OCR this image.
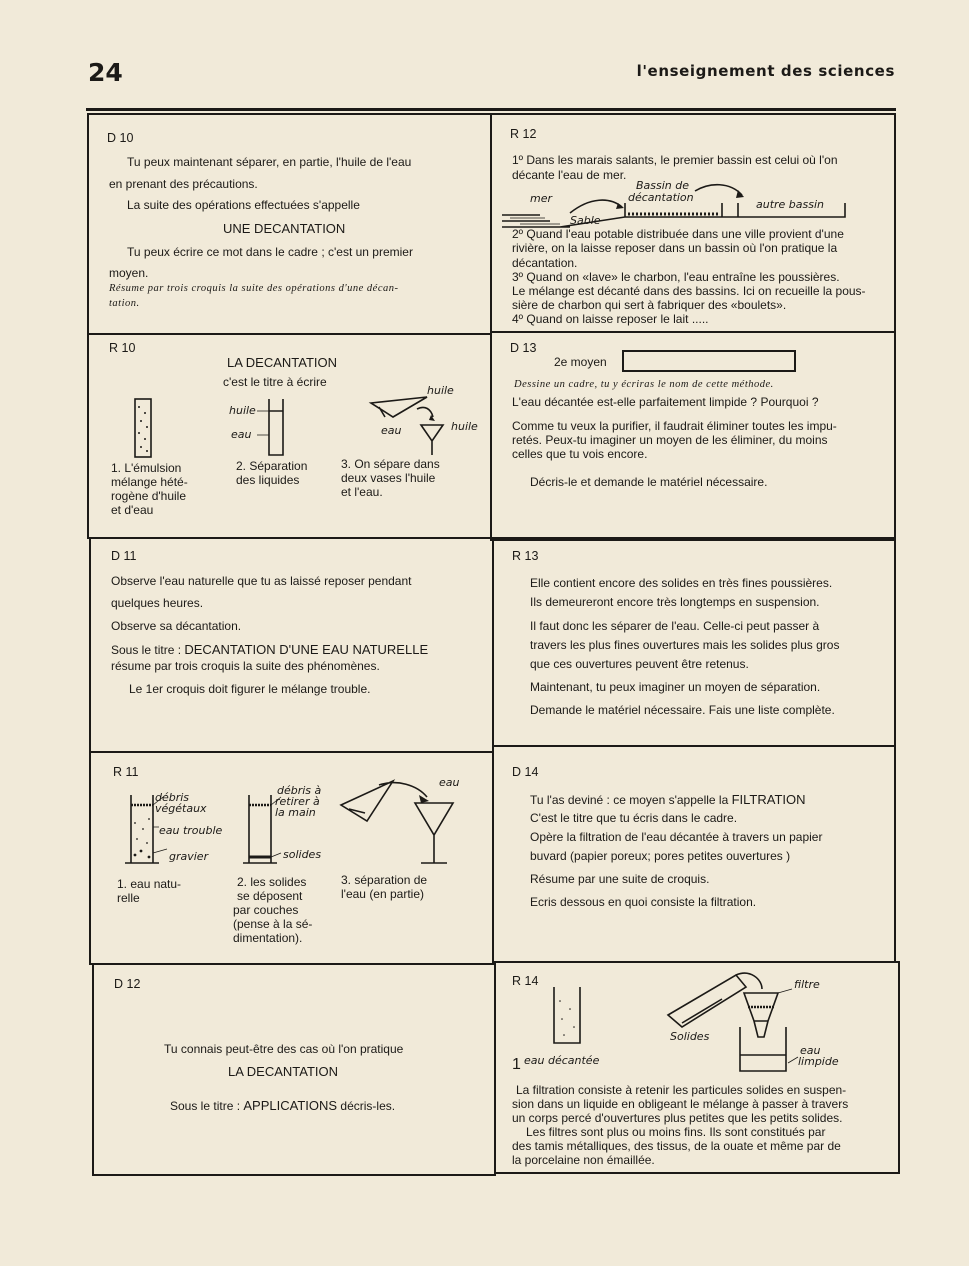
24	l'enseignement des sciences
D 10
Tu peux maintenant séparer, en partie, l'huile de l'eau
en prenant des précautions.
La suite des opérations effectuées s'appelle
UNE DECANTATION
Tu peux écrire ce mot dans le cadre ; c'est un premier
moyen.
Résume par trois croquis la suite des opérations d'une décan-
tation.
R 12
1º Dans les marais salants, le premier bassin est celui où l'on
décante l'eau de mer.
mer
Sable
Bassin de
décantation
autre bassin
2º Quand l'eau potable distribuée dans une ville provient d'une
rivière, on la laisse reposer dans un bassin où l'on pratique la
décantation.
3º Quand on «lave» le charbon, l'eau entraîne les poussières.
Le mélange est décanté dans des bassins. Ici on recueille la pous-
sière de charbon qui sert à fabriquer des «boulets».
4º Quand on laisse reposer le lait .....
R 10
LA DECANTATION
c'est le titre à écrire
huile
eau
huile
eau	huile
1. L'émulsion
mélange hété-
rogène d'huile
et d'eau
2. Séparation
des liquides
3. On sépare dans
deux vases l'huile
et l'eau.
D 13
2e moyen
Dessine un cadre, tu y écriras le nom de cette méthode.
L'eau décantée est-elle parfaitement limpide ? Pourquoi ?
Comme tu veux la purifier, il faudrait éliminer toutes les impu-
retés. Peux-tu imaginer un moyen de les éliminer, du moins
celles que tu vois encore.
Décris-le et demande le matériel nécessaire.
D 11
Observe l'eau naturelle que tu as laissé reposer pendant
quelques heures.
Observe sa décantation.
Sous le titre : DECANTATION D'UNE EAU NATURELLE
résume par trois croquis la suite des phénomènes.
Le 1er croquis doit figurer le mélange trouble.
R 13
Elle contient encore des solides en très fines poussières.
Ils demeureront encore très longtemps en suspension.
Il faut donc les séparer de l'eau. Celle-ci peut passer à
travers les plus fines ouvertures mais les solides plus gros
que ces ouvertures peuvent être retenus.
Maintenant, tu peux imaginer un moyen de séparation.
Demande le matériel nécessaire. Fais une liste complète.
R 11
débris
végétaux
eau trouble
gravier
débris à
retirer à
la main
solides
eau
1. eau natu-
relle
2. les solides
se déposent
par couches
(pense à la sé-
dimentation).
3. séparation de
l'eau (en partie)
D 14
Tu l'as deviné : ce moyen s'appelle la FILTRATION
C'est le titre que tu écris dans le cadre.
Opère la filtration de l'eau décantée à travers un papier
buvard (papier poreux; pores petites ouvertures )
Résume par une suite de croquis.
Ecris dessous en quoi consiste la filtration.
D 12
Tu connais peut-être des cas où l'on pratique
LA DECANTATION
Sous le titre : APPLICATIONS décris-les.
R 14
1 eau décantée
filtre
Solides
eau
limpide
La filtration consiste à retenir les particules solides en suspen-
sion dans un liquide en obligeant le mélange à passer à travers
un corps percé d'ouvertures plus petites que les petits solides.
Les filtres sont plus ou moins fins. Ils sont constitués par
des tamis métalliques, des tissus, de la ouate et même par de
la porcelaine non émaillée.
